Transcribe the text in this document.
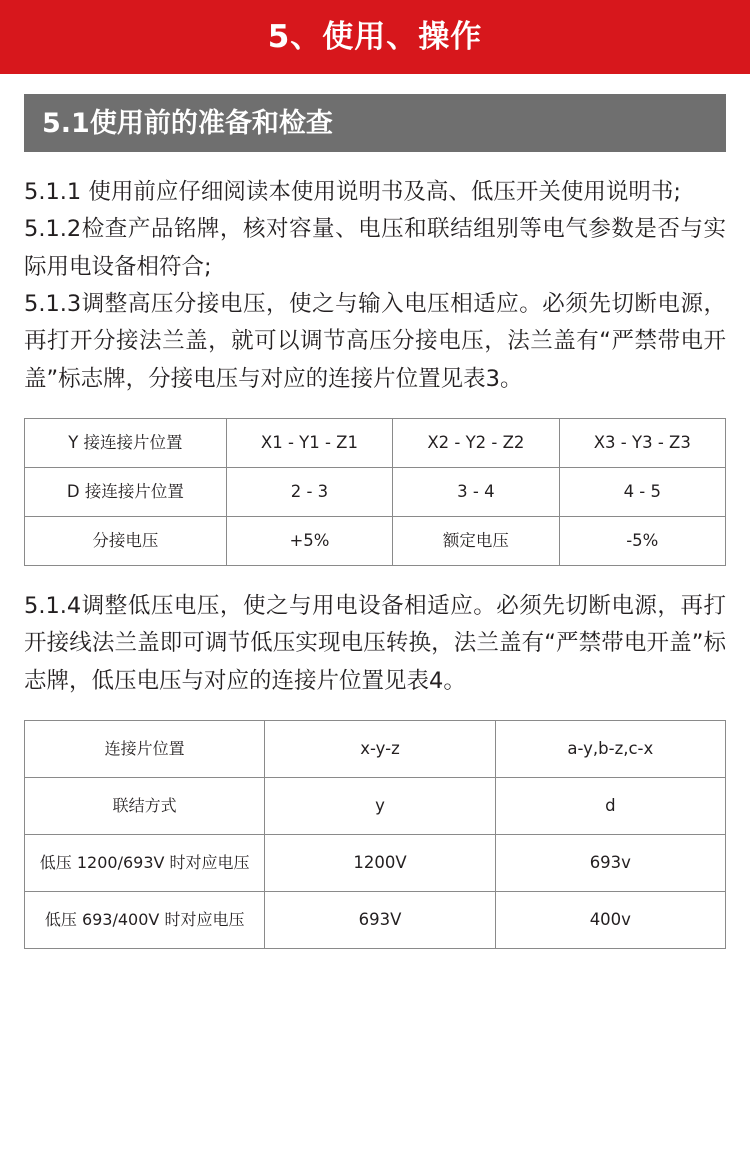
5、使用、操作
5.1使用前的准备和检查

5.1.1 使用前应仔细阅读本使用说明书及高、低压开关使用说明书;

5.1.2检查产品铭牌，核对容量、电压和联结组别等电气参数是否与实际用电设备相符合;

5.1.3调整高压分接电压，使之与输入电压相适应。必须先切断电源，再打开分接法兰盖，就可以调节高压分接电压，法兰盖有“严禁带电开盖”标志牌，分接电压与对应的连接片位置见表3。

Y 接连接片位置	X1 - Y1 - Z1	X2 - Y2 - Z2	X3 - Y3 - Z3
D 接连接片位置	2 - 3	3 - 4	4 - 5
分接电压	+5%	额定电压	-5%

5.1.4调整低压电压，使之与用电设备相适应。必须先切断电源，再打开接线法兰盖即可调节低压实现电压转换，法兰盖有“严禁带电开盖”标志牌，低压电压与对应的连接片位置见表4。

连接片位置	x-y-z	a-y,b-z,c-x
联结方式	y	d
低压 1200/693V 时对应电压	1200V	693v
低压 693/400V 时对应电压	693V	400v
